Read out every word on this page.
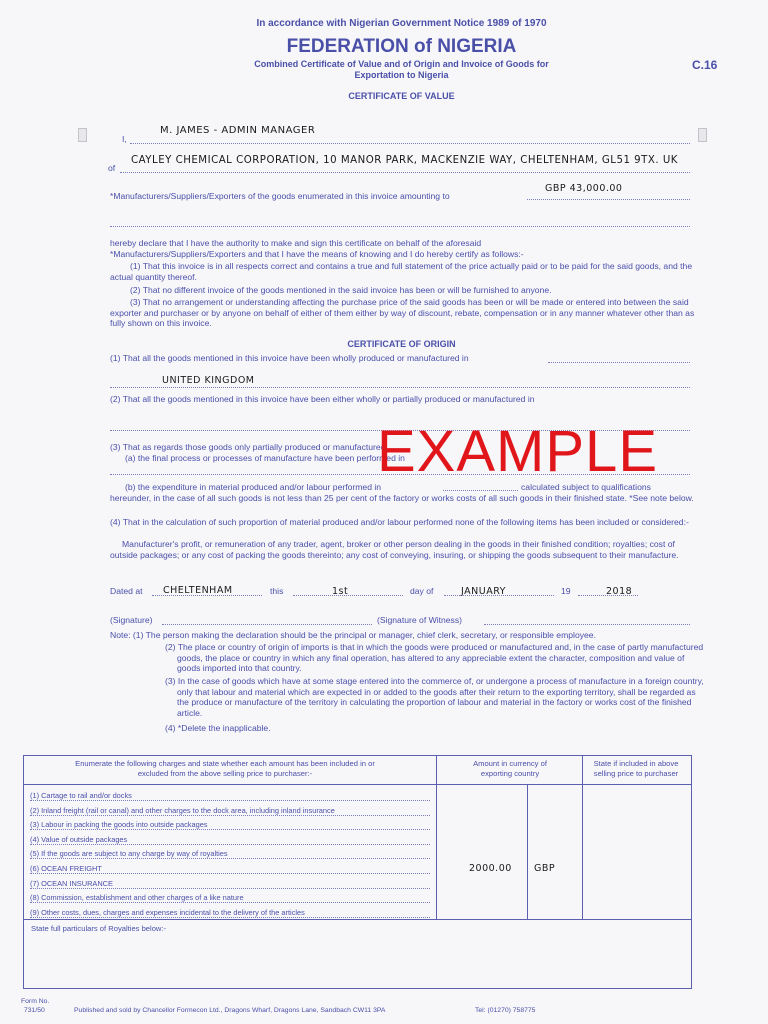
In accordance with Nigerian Government Notice 1989 of 1970
FEDERATION of NIGERIA
Combined Certificate of Value and of Origin and Invoice of Goods for
Exportation to Nigeria
C.16
CERTIFICATE OF VALUE
I,
M. JAMES - ADMIN MANAGER
of
CAYLEY CHEMICAL CORPORATION, 10 MANOR PARK, MACKENZIE WAY, CHELTENHAM, GL51 9TX. UK
*Manufacturers/Suppliers/Exporters of the goods enumerated in this invoice amounting to
GBP 43,000.00
hereby declare that I have the authority to make and sign this certificate on behalf of the aforesaid
*Manufacturers/Suppliers/Exporters and that I have the means of knowing and I do hereby certify as follows:-
(1) That this invoice is in all respects correct and contains a true and full statement of the price actually paid or to be paid for the said goods, and the actual quantity thereof.
(2) That no different invoice of the goods mentioned in the said invoice has been or will be furnished to anyone.
(3) That no arrangement or understanding affecting the purchase price of the said goods has been or will be made or entered into between the said exporter and purchaser or by anyone on behalf of either of them either by way of discount, rebate, compensation or in any manner whatever other than as fully shown on this invoice.
CERTIFICATE OF ORIGIN
(1) That all the goods mentioned in this invoice have been wholly produced or manufactured in
UNITED KINGDOM
(2) That all the goods mentioned in this invoice have been either wholly or partially produced or manufactured in
(3) That as regards those goods only partially produced or manufactured
(a) the final process or processes of manufacture have been performed in
(b) the expenditure in material produced and/or labour performed in	calculated subject to qualifications
hereunder, in the case of all such goods is not less than 25 per cent of the factory or works costs of all such goods in their finished state. *See note below.
(4) That in the calculation of such proportion of material produced and/or labour performed none of the following items has been included or considered:-
Manufacturer's profit, or remuneration of any trader, agent, broker or other person dealing in the goods in their finished condition; royalties; cost of outside packages; or any cost of packing the goods thereinto; any cost of conveying, insuring, or shipping the goods subsequent to their manufacture.
EXAMPLE
Dated at CHELTENHAM	this	1st	day of	JANUARY	19	2018
(Signature)	(Signature of Witness)
Note: (1) The person making the declaration should be the principal or manager, chief clerk, secretary, or responsible employee.
(2) The place or country of origin of imports is that in which the goods were produced or manufactured and, in the case of partly manufactured goods, the place or country in which any final operation, has altered to any appreciable extent the character, composition and value of goods imported into that country.
(3) In the case of goods which have at some stage entered into the commerce of, or undergone a process of manufacture in a foreign country, only that labour and material which are expected in or added to the goods after their return to the exporting territory, shall be regarded as the produce or manufacture of the territory in calculating the proportion of labour and material in the factory or works cost of the finished article.
(4) *Delete the inapplicable.
Enumerate the following charges and state whether each amount has been included in or excluded from the above selling price to purchaser:-
Amount in currency of exporting country
State if included in above selling price to purchaser
(1) Cartage to rail and/or docks
(2) Inland freight (rail or canal) and other charges to the dock area, including inland insurance
(3) Labour in packing the goods into outside packages
(4) Value of outside packages
(5) If the goods are subject to any charge by way of royalties
(6) OCEAN FREIGHT
(7) OCEAN INSURANCE
(8) Commission, establishment and other charges of a like nature
(9) Other costs, dues, charges and expenses incidental to the delivery of the articles
2000.00 GBP
State full particulars of Royalties below:-
Form No.
731/50	Published and sold by Chancellor Formecon Ltd., Dragons Wharf, Dragons Lane, Sandbach CW11 3PA	Tel: (01270) 758775
